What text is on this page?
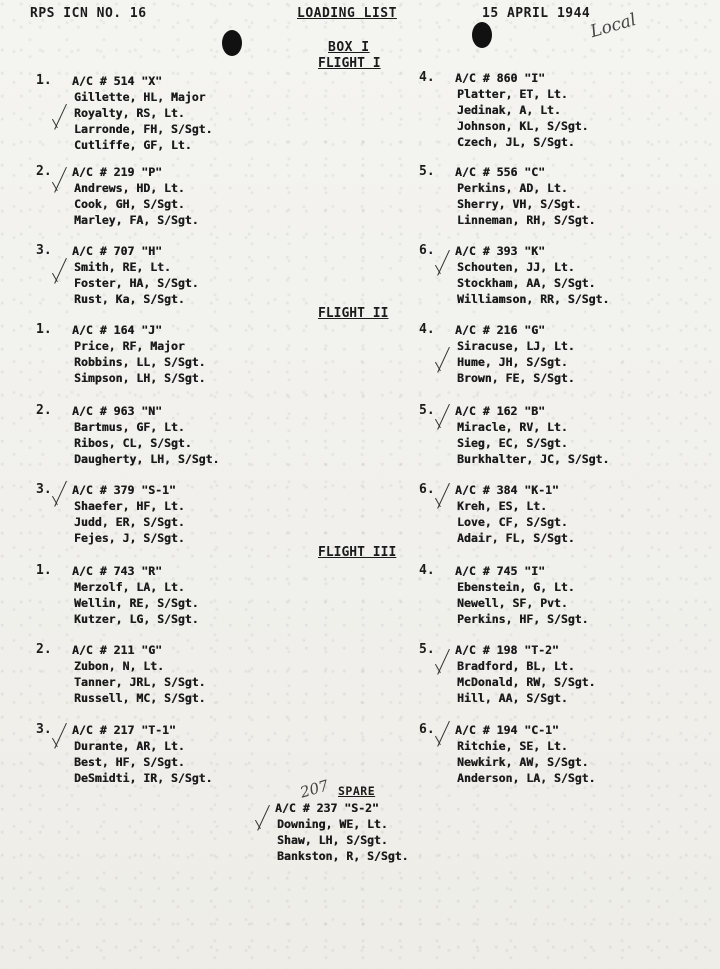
RPS ICN NO. 16	LOADING LIST	15 APRIL 1944
BOX I
Local
FLIGHT I
1. A/C # 514 "X"
Gillette, HL, Major
Royalty, RS, Lt.
Larronde, FH, S/Sgt.
Cutliffe, GF, Lt.
2. A/C # 219 "P"
Andrews, HD, Lt.
Cook, GH, S/Sgt.
Marley, FA, S/Sgt.
3. A/C # 707 "H"
Smith, RE, Lt.
Foster, HA, S/Sgt.
Rust, Ka, S/Sgt.
4. A/C # 860 "I"
Platter, ET, Lt.
Jedinak, A, Lt.
Johnson, KL, S/Sgt.
Czech, JL, S/Sgt.
5. A/C # 556 "C"
Perkins, AD, Lt.
Sherry, VH, S/Sgt.
Linneman, RH, S/Sgt.
6. A/C # 393 "K"
Schouten, JJ, Lt.
Stockham, AA, S/Sgt.
Williamson, RR, S/Sgt.
FLIGHT II
1. A/C # 164 "J"
Price, RF, Major
Robbins, LL, S/Sgt.
Simpson, LH, S/Sgt.
2. A/C # 963 "N"
Bartmus, GF, Lt.
Ribos, CL, S/Sgt.
Daugherty, LH, S/Sgt.
3. A/C # 379 "S-1"
Shaefer, HF, Lt.
Judd, ER, S/Sgt.
Fejes, J, S/Sgt.
4. A/C # 216 "G"
Siracuse, LJ, Lt.
Hume, JH, S/Sgt.
Brown, FE, S/Sgt.
5. A/C # 162 "B"
Miracle, RV, Lt.
Sieg, EC, S/Sgt.
Burkhalter, JC, S/Sgt.
6. A/C # 384 "K-1"
Kreh, ES, Lt.
Love, CF, S/Sgt.
Adair, FL, S/Sgt.
FLIGHT III
1. A/C # 743 "R"
Merzolf, LA, Lt.
Wellin, RE, S/Sgt.
Kutzer, LG, S/Sgt.
2. A/C # 211 "G"
Zubon, N, Lt.
Tanner, JRL, S/Sgt.
Russell, MC, S/Sgt.
3. A/C # 217 "T-1"
Durante, AR, Lt.
Best, HF, S/Sgt.
DeSmidti, IR, S/Sgt.
4. A/C # 745 "I"
Ebenstein, G, Lt.
Newell, SF, Pvt.
Perkins, HF, S/Sgt.
5. A/C # 198 "T-2"
Bradford, BL, Lt.
McDonald, RW, S/Sgt.
Hill, AA, S/Sgt.
6. A/C # 194 "C-1"
Ritchie, SE, Lt.
Newkirk, AW, S/Sgt.
Anderson, LA, S/Sgt.
207 SPARE
A/C # 237 "S-2"
Downing, WE, Lt.
Shaw, LH, S/Sgt.
Bankston, R, S/Sgt.
